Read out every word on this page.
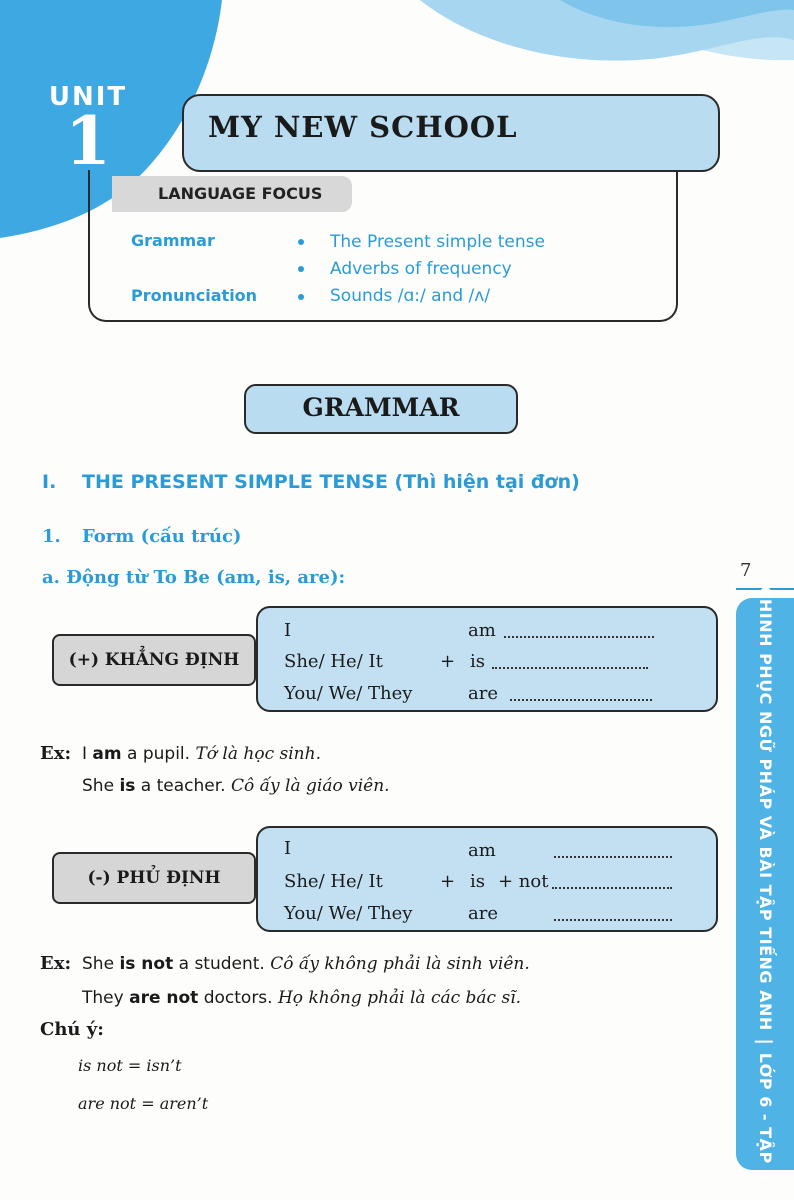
UNIT
1	MY NEW SCHOOL
LANGUAGE FOCUS
Grammar	The Present simple tense
Adverbs of frequency
Pronunciation	Sounds /ɑ:/ and /ʌ/
GRAMMAR
I. THE PRESENT SIMPLE TENSE (Thì hiện tại đơn)
1. Form (cấu trúc)
a. Động từ To Be (am, is, are):
(+) KHẲNG ĐỊNH
I	am
She/ He/ It	+ is
You/ We/ They	are
Ex: I am a pupil. Tớ là học sinh.
She is a teacher. Cô ấy là giáo viên.
(-) PHỦ ĐỊNH
I	am
She/ He/ It	+ is + not
You/ We/ They	are
Ex: She is not a student. Cô ấy không phải là sinh viên.
They are not doctors. Họ không phải là các bác sĩ.
Chú ý:
is not = isn’t
are not = aren’t
7
CHINH PHỤC NGỮ PHÁP VÀ BÀI TẬP TIẾNG ANHLỚP 6 - TẬP 1
